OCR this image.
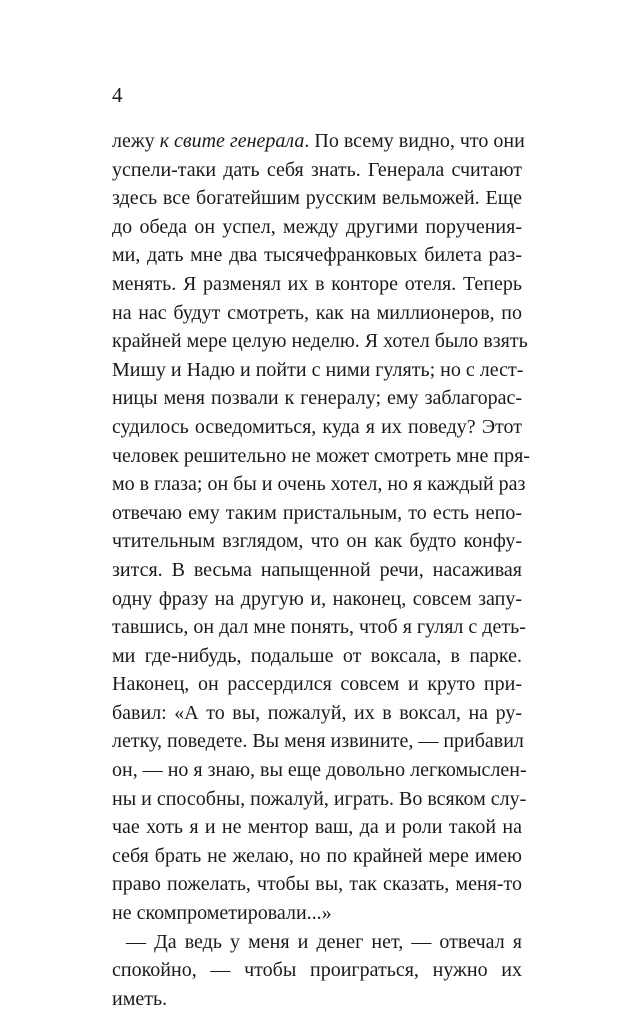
4
лежу к свите генерала. По всему видно, что они
успели-таки дать себя знать. Генерала считают
здесь все богатейшим русским вельможей. Еще
до обеда он успел, между другими поручения-
ми, дать мне два тысячефранковых билета раз-
менять. Я разменял их в конторе отеля. Теперь
на нас будут смотреть, как на миллионеров, по
крайней мере целую неделю. Я хотел было взять
Мишу и Надю и пойти с ними гулять; но с лест-
ницы меня позвали к генералу; ему заблагорас-
судилось осведомиться, куда я их поведу? Этот
человек решительно не может смотреть мне пря-
мо в глаза; он бы и очень хотел, но я каждый раз
отвечаю ему таким пристальным, то есть непо-
чтительным взглядом, что он как будто конфу-
зится. В весьма напыщенной речи, насаживая
одну фразу на другую и, наконец, совсем запу-
тавшись, он дал мне понять, чтоб я гулял с деть-
ми где-нибудь, подальше от воксала, в парке.
Наконец, он рассердился совсем и круто при-
бавил: «А то вы, пожалуй, их в воксал, на ру-
летку, поведете. Вы меня извините, — прибавил
он, — но я знаю, вы еще довольно легкомыслен-
ны и способны, пожалуй, играть. Во всяком слу-
чае хоть я и не ментор ваш, да и роли такой на
себя брать не желаю, но по крайней мере имею
право пожелать, чтобы вы, так сказать, меня-то
не скомпрометировали...»
— Да ведь у меня и денег нет, — отвечал я
спокойно, — чтобы проиграться, нужно их
иметь.
